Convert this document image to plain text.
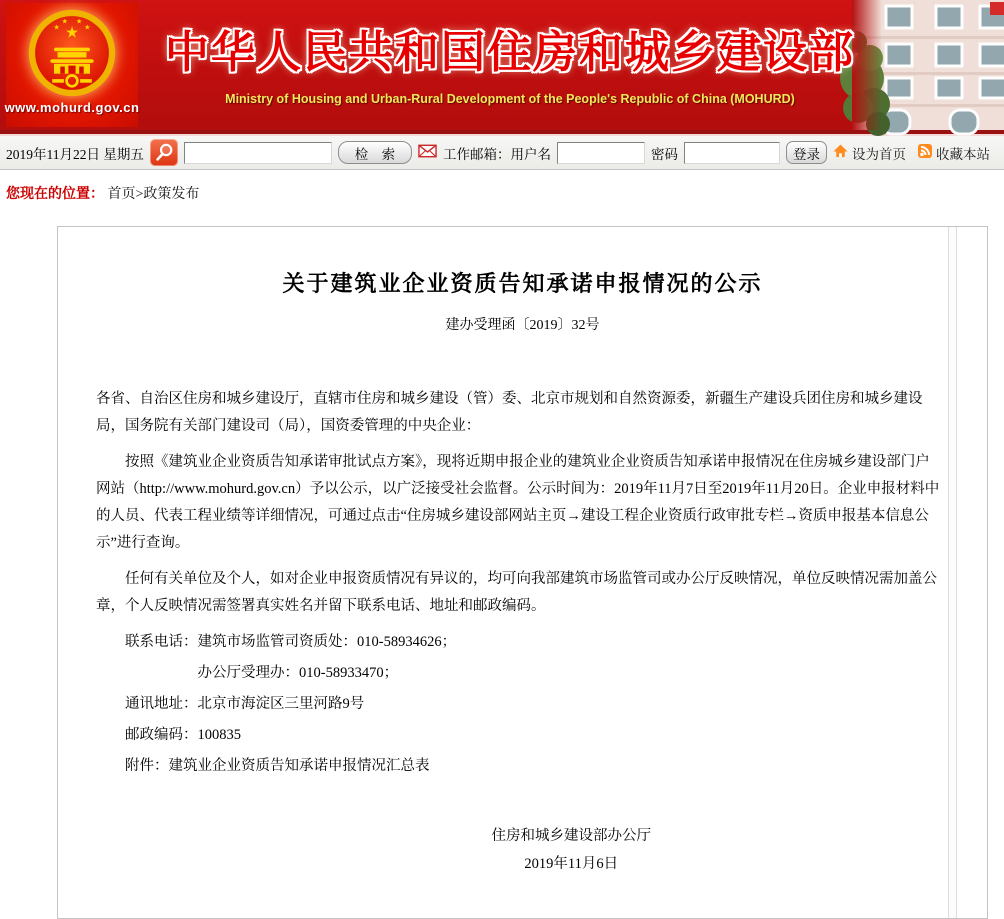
★
★
★ ★
★
www.mohurd.gov.cn
中华人民共和国住房和城乡建设部
Ministry of Housing and Urban-Rural Development of the People's Republic of China (MOHURD)
2019年11月22日 星期五	检　索	工作邮箱：用户名	密码	登录	设为首页 收藏本站
您现在的位置： 首页>政策发布
关于建筑业企业资质告知承诺申报情况的公示
建办受理函〔2019〕32号

各省、自治区住房和城乡建设厅，直辖市住房和城乡建设（管）委、北京市规划和自然资源委，新疆生产建设兵团住房和城乡建设局，国务院有关部门建设司（局），国资委管理的中央企业：

按照《建筑业企业资质告知承诺审批试点方案》，现将近期申报企业的建筑业企业资质告知承诺申报情况在住房城乡建设部门户网站（http://www.mohurd.gov.cn）予以公示，以广泛接受社会监督。公示时间为：2019年11月7日至2019年11月20日。企业申报材料中的人员、代表工程业绩等详细情况，可通过点击“住房城乡建设部网站主页→建设工程企业资质行政审批专栏→资质申报基本信息公示”进行查询。

任何有关单位及个人，如对企业申报资质情况有异议的，均可向我部建筑市场监管司或办公厅反映情况，单位反映情况需加盖公章，个人反映情况需签署真实姓名并留下联系电话、地址和邮政编码。

联系电话：建筑市场监管司资质处：010-58934626；

办公厅受理办：010-58933470；

通讯地址：北京市海淀区三里河路9号

邮政编码：100835

附件：建筑业企业资质告知承诺申报情况汇总表

住房和城乡建设部办公厅
2019年11月6日
